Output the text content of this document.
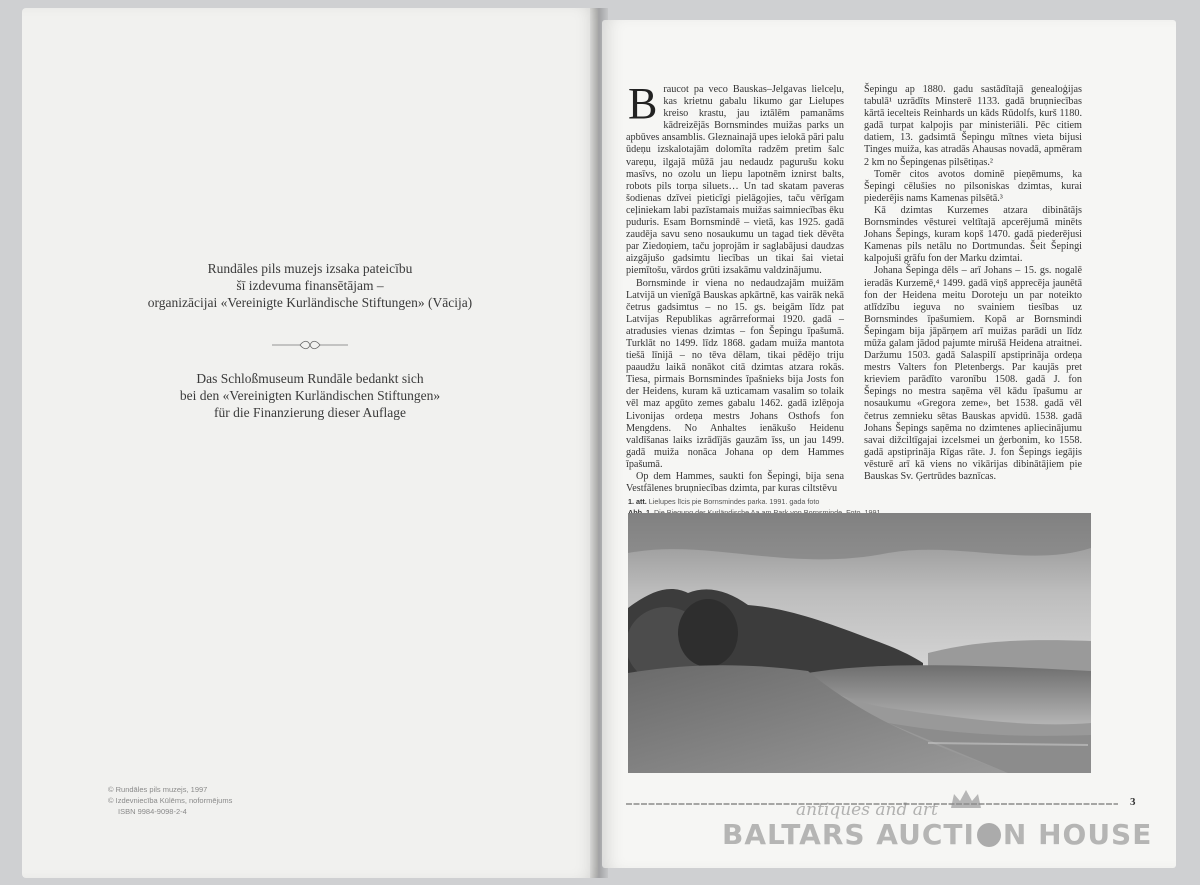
Rundāles pils muzejs izsaka pateicību
šī izdevuma finansētājam –
organizācijai «Vereinigte Kurländische Stiftungen» (Vācija)
Das Schloßmuseum Rundāle bedankt sich
bei den «Vereinigten Kurländischen Stiftungen»
für die Finanzierung dieser Auflage
© Rundāles pils muzejs, 1997
© Izdevniecība Kūlēms, noformējums
ISBN 9984-9098-2-4

Braucot pa veco Bauskas–Jelgavas lielceļu, kas krietnu gabalu likumo gar Lielupes kreiso krastu, jau iztālēm pamanāms kādreizējās Bornsmindes muižas parks un apbūves ansamblis. Gleznainajā upes ielokā pāri palu ūdeņu izskalotajām dolomīta radzēm pretim šalc vareņu, ilgajā mūžā jau nedaudz pagurušu koku masīvs, no ozolu un liepu lapotnēm iznirst balts, robots pils torņa siluets… Un tad skatam paveras šodienas dzīvei pieticīgi pielāgojies, taču vērīgam ceļiniekam labi pazīstamais muižas saimniecības ēku puduris. Esam Bornsmindē – vietā, kas 1925. gadā zaudēja savu seno nosaukumu un tagad tiek dēvēta par Ziedoņiem, taču joprojām ir saglabājusi daudzas aizgājušo gadsimtu liecības un tikai šai vietai piemītošu, vārdos grūti izsakāmu valdzinājumu.

Bornsminde ir viena no nedaudzajām muižām Latvijā un vienīgā Bauskas apkārtnē, kas vairāk nekā četrus gadsimtus – no 15. gs. beigām līdz pat Latvijas Republikas agrārreformai 1920. gadā – atradusies vienas dzimtas – fon Šepingu īpašumā. Turklāt no 1499. līdz 1868. gadam muiža mantota tiešā līnijā – no tēva dēlam, tikai pēdējo triju paaudžu laikā nonākot citā dzimtas atzara rokās. Tiesa, pirmais Bornsmindes īpašnieks bija Josts fon der Heidens, kuram kā uzticamam vasalim so tolaik vēl maz apgūto zemes gabalu 1462. gadā izlēņoja Livonijas ordeņa mestrs Johans Osthofs fon Mengdens. No Anhaltes ienākušo Heidenu valdīšanas laiks izrādījās gauzām īss, un jau 1499. gadā muiža nonāca Johana op dem Hammes īpašumā.

Op dem Hammes, saukti fon Šepingi, bija sena Vestfālenes bruņniecības dzimta, par kuras ciltstēvu

Šepingu ap 1880. gadu sastādītajā genealoģijas tabulā¹ uzrādīts Minsterē 1133. gadā bruņniecības kārtā iecelteis Reinhards un kāds Rūdolfs, kurš 1180. gadā turpat kalpojis par ministeriāli. Pēc citiem datiem, 13. gadsimtā Šepingu mītnes vieta bijusi Tinges muiža, kas atradās Ahausas novadā, apmēram 2 km no Šepingenas pilsētiņas.²

Tomēr citos avotos dominē pieņēmums, ka Šepingi cēlušies no pilsoniskas dzimtas, kurai piederējis nams Kamenas pilsētā.³

Kā dzimtas Kurzemes atzara dibinātājs Bornsmindes vēsturei veltītajā apcerējumā minēts Johans Šepings, kuram kopš 1470. gadā piederējusi Kamenas pils netālu no Dortmundas. Šeit Šepingi kalpojuši grāfu fon der Marku dzimtai.

Johana Šepinga dēls – arī Johans – 15. gs. nogalē ieradās Kurzemē,⁴ 1499. gadā viņš apprecēja jaunētā fon der Heidena meitu Doroteju un par noteikto atlīdzību ieguva no svainiem tiesības uz Bornsmindes īpašumiem. Kopā ar Bornsmindi Šepingam bija jāpārņem arī muižas parādi un līdz mūža galam jādod pajumte mirušā Heidena atraitnei. Daržumu 1503. gadā Salaspilī apstiprināja ordeņa mestrs Valters fon Pletenbergs. Par kaujās pret krieviem parādīto varonību 1508. gadā J. fon Šepings no mestra saņēma vēl kādu īpašumu ar nosaukumu «Gregora zeme», bet 1538. gadā vēl četrus zemnieku sētas Bauskas apvidū. 1538. gadā Johans Šepings saņēma no dzimtenes apliecinājumu savai dižciltīgajai izcelsmei un ģerbonim, ko 1558. gadā apstiprināja Rīgas rāte. J. fon Šepings iegājis vēsturē arī kā viens no vikārijas dibinātājiem pie Bauskas Sv. Ģertrūdes baznīcas.

1. att. Lielupes līcis pie Bornsmindes parka. 1991. gada foto
3
antiques and art
BALTARS AUCTI N HOUSE
